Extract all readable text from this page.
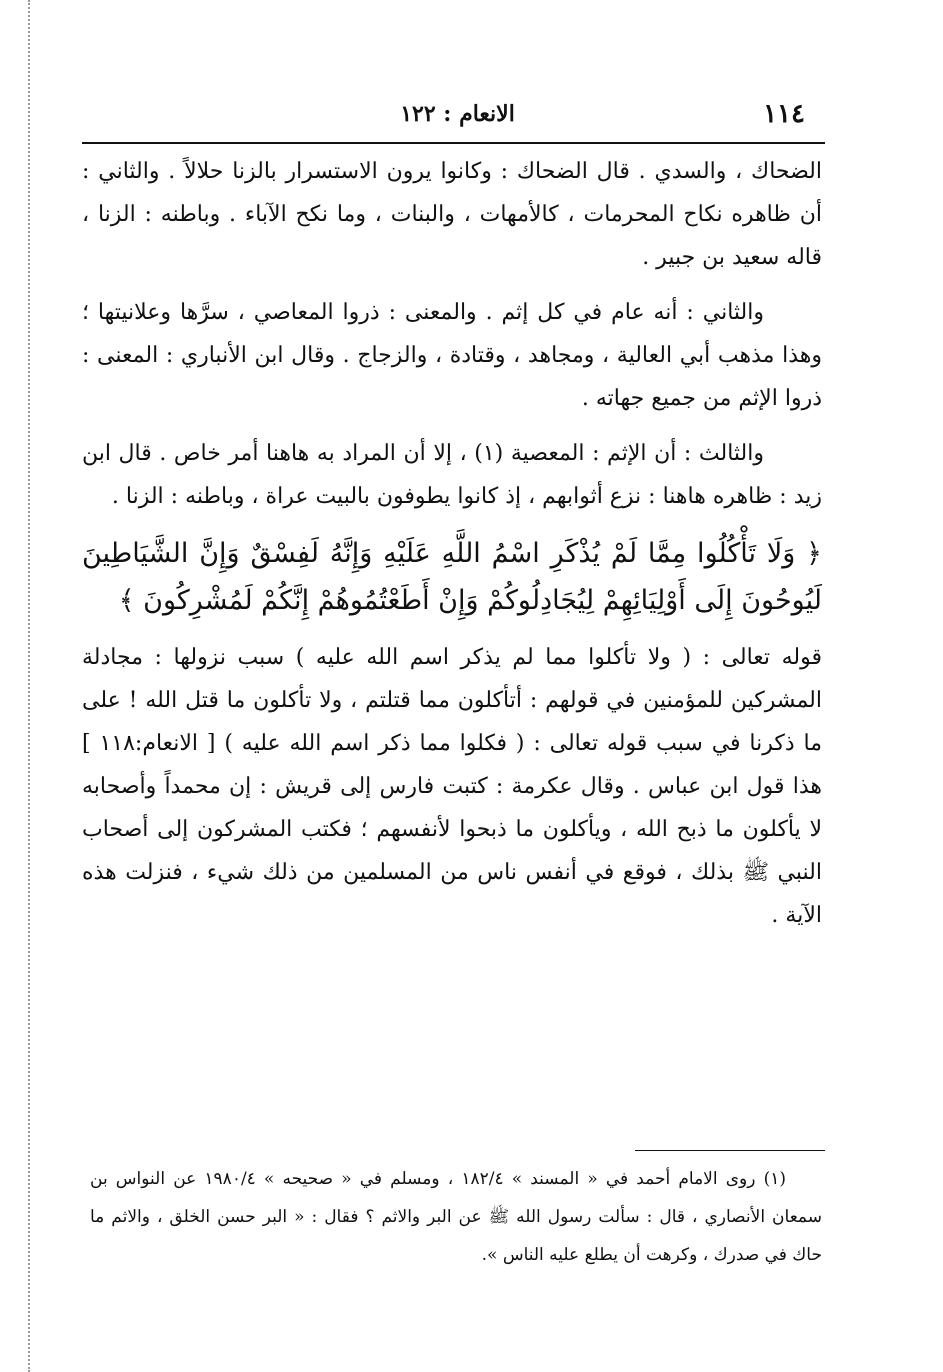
١١٤
الانعام : ١٢٢

الضحاك ، والسدي . قال الضحاك : وكانوا يرون الاستسرار بالزنا حلالاً . والثاني : أن ظاهره نكاح المحرمات ، كالأمهات ، والبنات ، وما نكح الآباء . وباطنه : الزنا ، قاله سعيد بن جبير .

والثاني : أنه عام في كل إثم . والمعنى : ذروا المعاصي ، سرَّها وعلانيتها ؛ وهذا مذهب أبي العالية ، ومجاهد ، وقتادة ، والزجاج . وقال ابن الأنباري : المعنى : ذروا الإثم من جميع جهاته .

والثالث : أن الإثم : المعصية (١) ، إلا أن المراد به هاهنا أمر خاص . قال ابن زيد : ظاهره هاهنا : نزع أثوابهم ، إذ كانوا يطوفون بالبيت عراة ، وباطنه : الزنا .

﴿ وَلَا تَأْكُلُوا مِمَّا لَمْ يُذْكَرِ اسْمُ اللَّهِ عَلَيْهِ وَإِنَّهُ لَفِسْقٌ وَإِنَّ الشَّيَاطِينَ لَيُوحُونَ إِلَى أَوْلِيَائِهِمْ لِيُجَادِلُوكُمْ وَإِنْ أَطَعْتُمُوهُمْ إِنَّكُمْ لَمُشْرِكُونَ ﴾

قوله تعالى : ( ولا تأكلوا مما لم يذكر اسم الله عليه ) سبب نزولها : مجادلة المشركين للمؤمنين في قولهم : أتأكلون مما قتلتم ، ولا تأكلون ما قتل الله ! على ما ذكرنا في سبب قوله تعالى : ( فكلوا مما ذكر اسم الله عليه ) [ الانعام:١١٨ ] هذا قول ابن عباس . وقال عكرمة : كتبت فارس إلى قريش : إن محمداً وأصحابه لا يأكلون ما ذبح الله ، ويأكلون ما ذبحوا لأنفسهم ؛ فكتب المشركون إلى أصحاب النبي ﷺ بذلك ، فوقع في أنفس ناس من المسلمين من ذلك شيء ، فنزلت هذه الآية .

(١) روى الامام أحمد في « المسند » ١٨٢/٤ ، ومسلم في « صحيحه » ١٩٨٠/٤ عن النواس بن سمعان الأنصاري ، قال : سألت رسول الله ﷺ عن البر والاثم ؟ فقال : « البر حسن الخلق ، والاثم ما حاك في صدرك ، وكرهت أن يطلع عليه الناس ».
